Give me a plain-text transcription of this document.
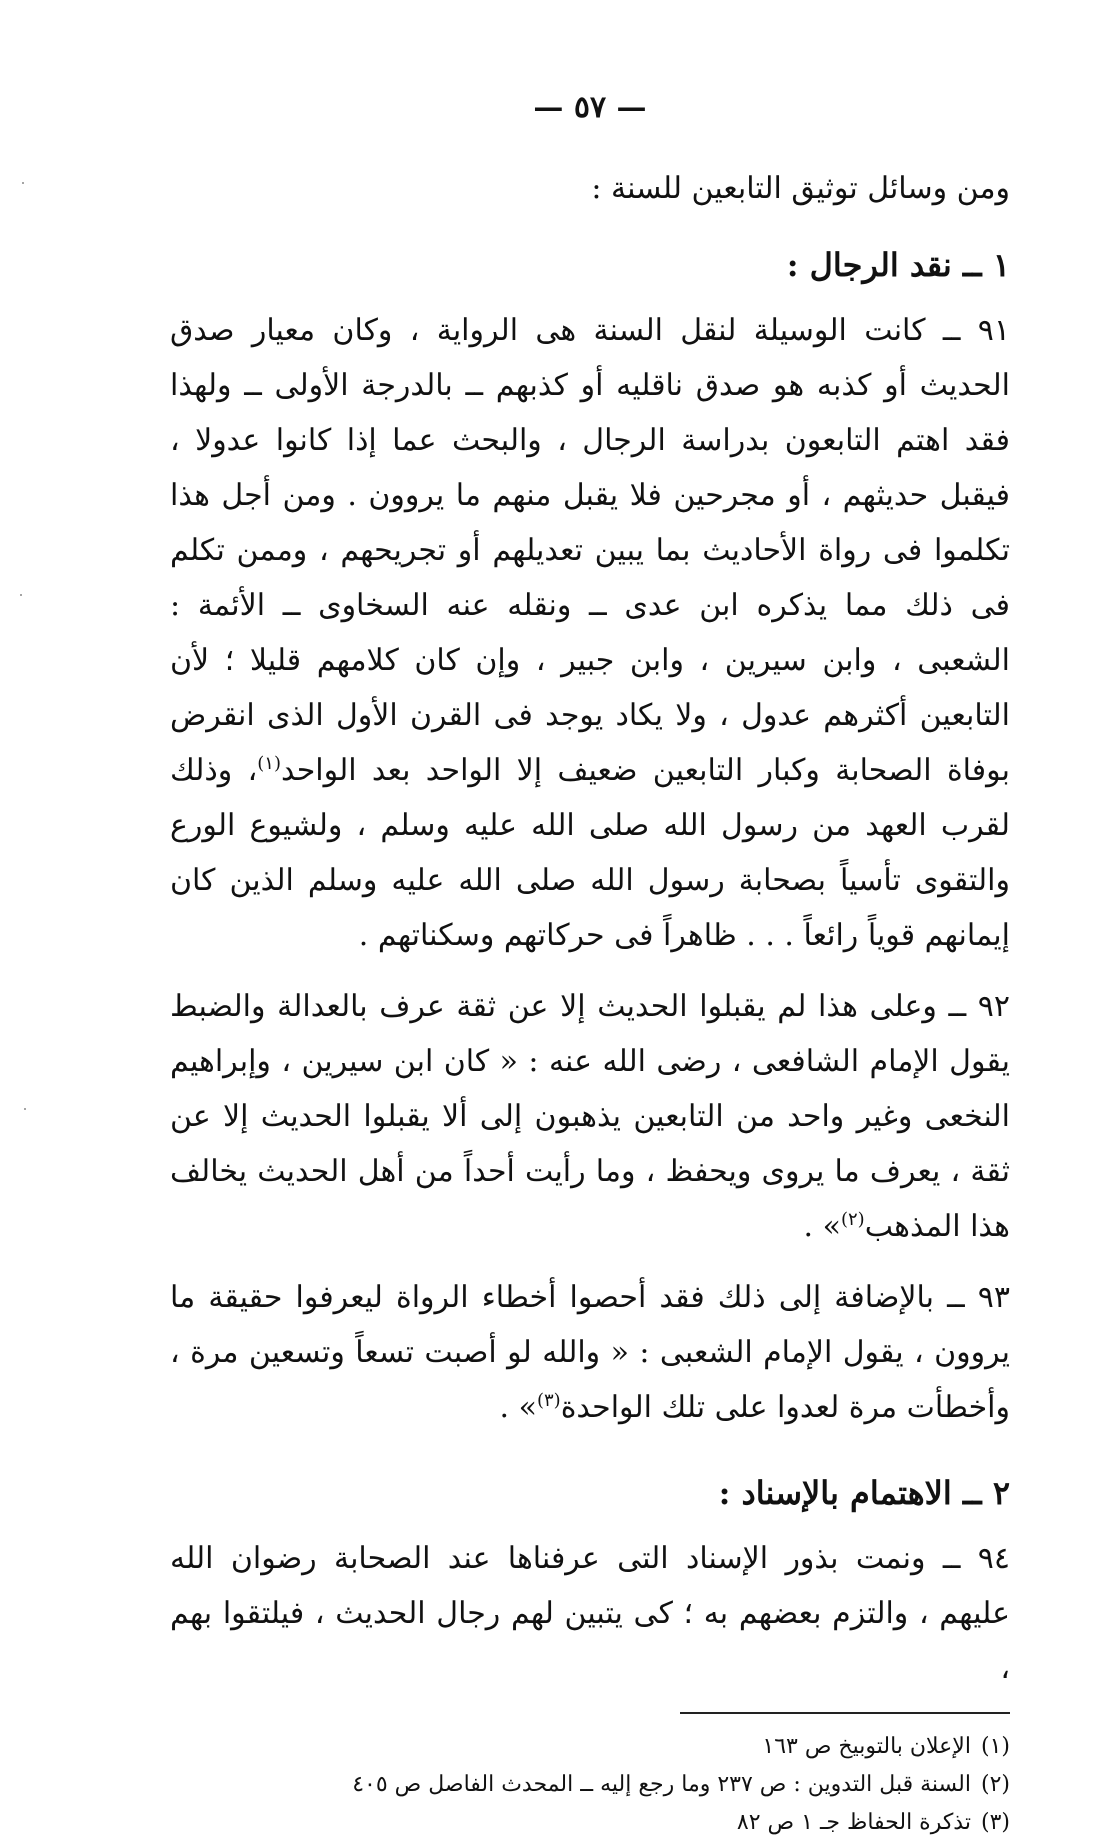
— ٥٧ —
ومن وسائل توثيق التابعين للسنة :
١ ــ نقد الرجال :

٩١ ــ كانت الوسيلة لنقل السنة هى الرواية ، وكان معيار صدق الحديث أو كذبه هو صدق ناقليه أو كذبهم ــ بالدرجة الأولى ــ ولهذا فقد اهتم التابعون بدراسة الرجال ، والبحث عما إذا كانوا عدولا ، فيقبل حديثهم ، أو مجرحين فلا يقبل منهم ما يروون . ومن أجل هذا تكلموا فى رواة الأحاديث بما يبين تعديلهم أو تجريحهم ، وممن تكلم فى ذلك مما يذكره ابن عدى ــ ونقله عنه السخاوى ــ الأئمة : الشعبى ، وابن سيرين ، وابن جبير ، وإن كان كلامهم قليلا ؛ لأن التابعين أكثرهم عدول ، ولا يكاد يوجد فى القرن الأول الذى انقرض بوفاة الصحابة وكبار التابعين ضعيف إلا الواحد بعد الواحد$^{(١)}$، وذلك لقرب العهد من رسول الله صلى الله عليه وسلم ، ولشيوع الورع والتقوى تأسياً بصحابة رسول الله صلى الله عليه وسلم الذين كان إيمانهم قوياً رائعاً . . . ظاهراً فى حركاتهم وسكناتهم .

٩٢ ــ وعلى هذا لم يقبلوا الحديث إلا عن ثقة عرف بالعدالة والضبط يقول الإمام الشافعى ، رضى الله عنه : « كان ابن سيرين ، وإبراهيم النخعى وغير واحد من التابعين يذهبون إلى ألا يقبلوا الحديث إلا عن ثقة ، يعرف ما يروى ويحفظ ، وما رأيت أحداً من أهل الحديث يخالف هذا المذهب$^{(٢)}$» .

٩٣ ــ بالإضافة إلى ذلك فقد أحصوا أخطاء الرواة ليعرفوا حقيقة ما يروون ، يقول الإمام الشعبى : « والله لو أصبت تسعاً وتسعين مرة ، وأخطأت مرة لعدوا على تلك الواحدة$^{(٣)}$» .

٢ ــ الاهتمام بالإسناد :

٩٤ ــ ونمت بذور الإسناد التى عرفناها عند الصحابة رضوان الله عليهم ، والتزم بعضهم به ؛ كى يتبين لهم رجال الحديث ، فيلتقوا بهم ،

(١)الإعلان بالتوبيخ ص ١٦٣

(٢)السنة قبل التدوين : ص ٢٣٧ وما رجع إليه ــ المحدث الفاصل ص ٤٠٥

(٣)تذكرة الحفاظ جـ ١ ص ٨٢
